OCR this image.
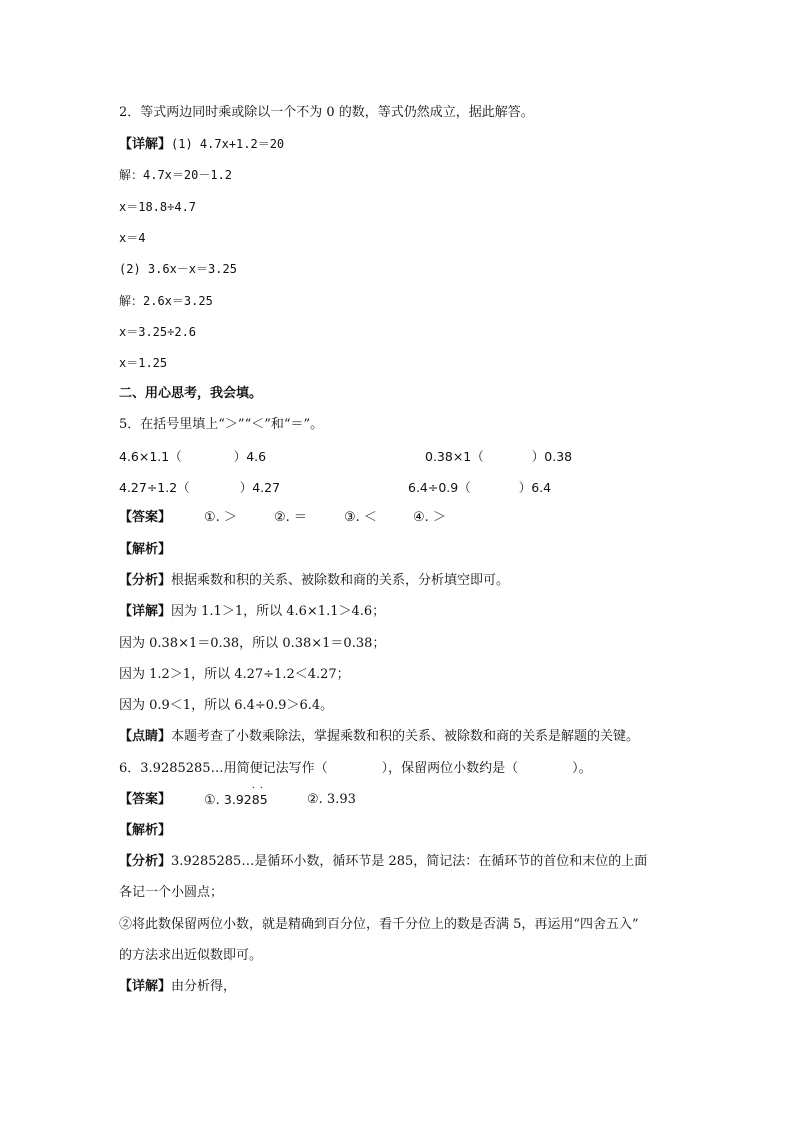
2．等式两边同时乘或除以一个不为 0 的数，等式仍然成立，据此解答。
【详解】(1) 4.7x+1.2＝20
解：4.7x＝20－1.2
x＝18.8÷4.7
x＝4
(2) 3.6x－x＝3.25
解：2.6x＝3.25
x＝3.25÷2.6
x＝1.25
二、用心思考，我会填。
5．在括号里填上“＞”“＜”和“＝”。
4.6×1.1（	）4.6	0.38×1（	）0.38
4.27÷1.2（	）4.27	6.4÷0.9（	）6.4
【答案】	①. ＞	②. ＝	③. ＜	④. ＞
【解析】
【分析】根据乘数和积的关系、被除数和商的关系，分析填空即可。
【详解】因为 1.1＞1，所以 4.6×1.1＞4.6；
因为 0.38×1＝0.38，所以 0.38×1＝0.38；
因为 1.2＞1，所以 4.27÷1.2＜4.27；
因为 0.9＜1，所以 6.4÷0.9＞6.4。
【点睛】本题考查了小数乘除法，掌握乘数和积的关系、被除数和商的关系是解题的关键。
6．3.9285285…用简便记法写作（	），保留两位小数约是（	）。
【答案】	①. 3.92
·
8
·
5	②. 3.93
【解析】
【分析】3.9285285…是循环小数，循环节是 285，简记法：在循环节的首位和末位的上面
各记一个小圆点；
②将此数保留两位小数，就是精确到百分位，看千分位上的数是否满 5，再运用“四舍五入”
的方法求出近似数即可。
【详解】由分析得，
